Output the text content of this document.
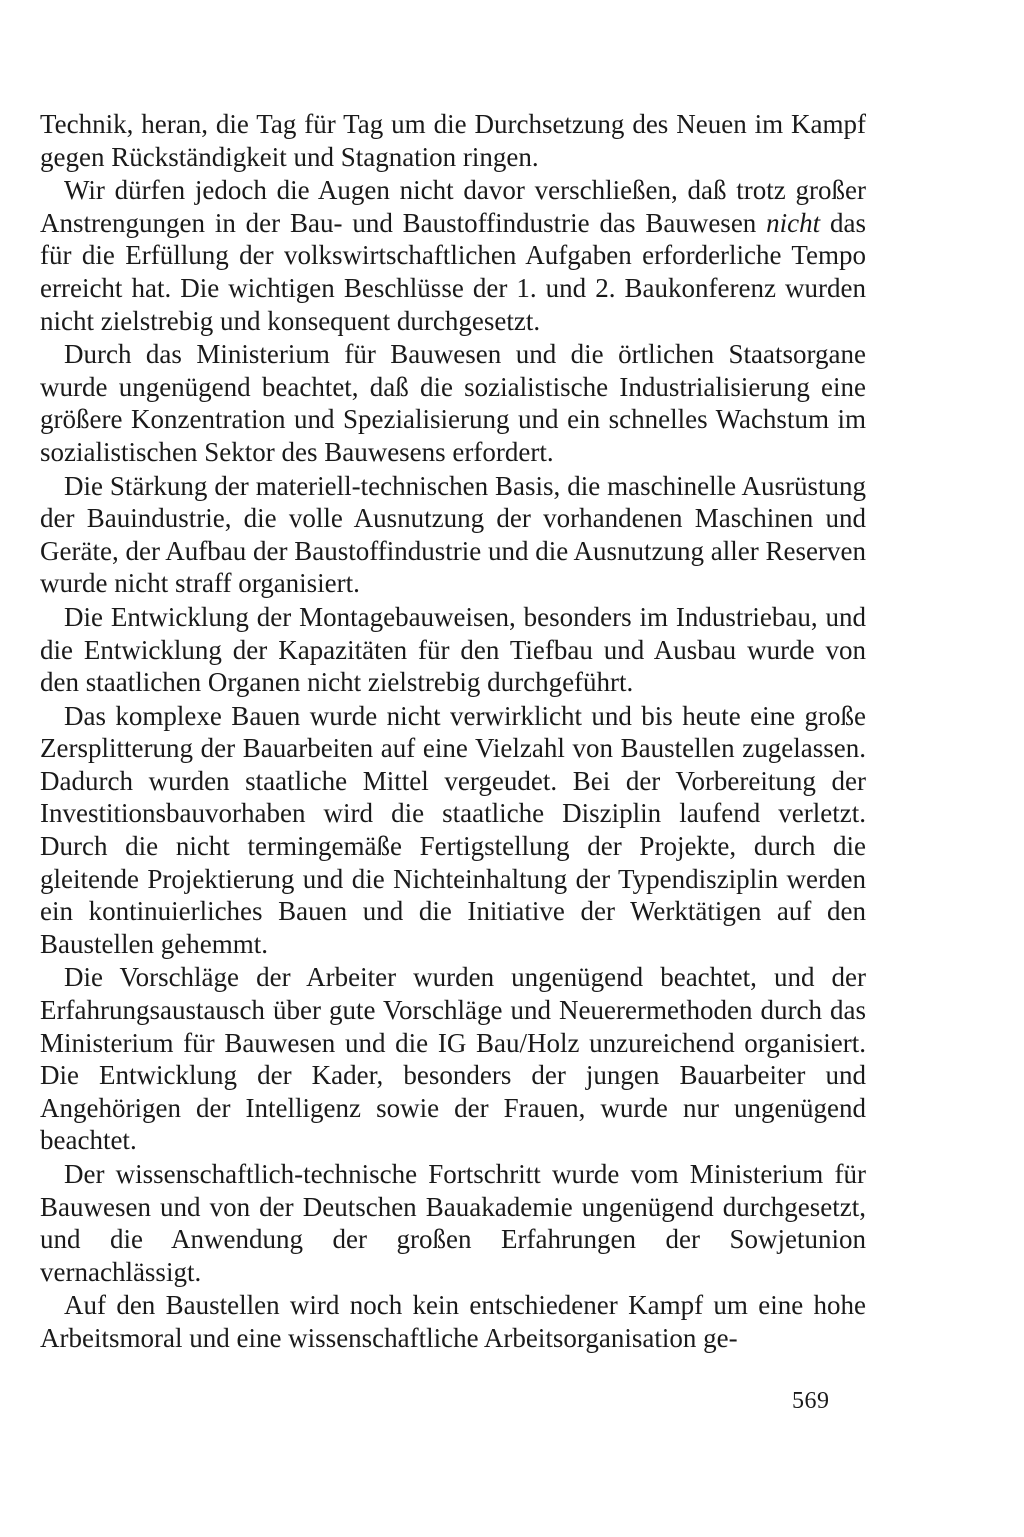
Technik, heran, die Tag für Tag um die Durchsetzung des Neuen im Kampf gegen Rückständigkeit und Stagnation ringen.

Wir dürfen jedoch die Augen nicht davor verschließen, daß trotz großer Anstrengungen in der Bau- und Baustoffindustrie das Bauwesen nicht das für die Erfüllung der volkswirtschaftlichen Aufgaben erforderliche Tempo erreicht hat. Die wichtigen Beschlüsse der 1. und 2. Baukonferenz wurden nicht zielstrebig und konsequent durchgesetzt.

Durch das Ministerium für Bauwesen und die örtlichen Staatsorgane wurde ungenügend beachtet, daß die sozialistische Industrialisierung eine größere Konzentration und Spezialisierung und ein schnelles Wachstum im sozialistischen Sektor des Bauwesens erfordert.

Die Stärkung der materiell-technischen Basis, die maschinelle Ausrüstung der Bauindustrie, die volle Ausnutzung der vorhandenen Maschinen und Geräte, der Aufbau der Baustoffindustrie und die Ausnutzung aller Reserven wurde nicht straff organisiert.

Die Entwicklung der Montagebauweisen, besonders im Industriebau, und die Entwicklung der Kapazitäten für den Tiefbau und Ausbau wurde von den staatlichen Organen nicht zielstrebig durchgeführt.

Das komplexe Bauen wurde nicht verwirklicht und bis heute eine große Zersplitterung der Bauarbeiten auf eine Vielzahl von Baustellen zugelassen. Dadurch wurden staatliche Mittel vergeudet. Bei der Vorbereitung der Investitionsbauvorhaben wird die staatliche Disziplin laufend verletzt. Durch die nicht termingemäße Fertigstellung der Projekte, durch die gleitende Projektierung und die Nichteinhaltung der Typendisziplin werden ein kontinuierliches Bauen und die Initiative der Werktätigen auf den Baustellen gehemmt.

Die Vorschläge der Arbeiter wurden ungenügend beachtet, und der Erfahrungsaustausch über gute Vorschläge und Neuerermethoden durch das Ministerium für Bauwesen und die IG Bau/Holz unzureichend organisiert. Die Entwicklung der Kader, besonders der jungen Bauarbeiter und Angehörigen der Intelligenz sowie der Frauen, wurde nur ungenügend beachtet.

Der wissenschaftlich-technische Fortschritt wurde vom Ministerium für Bauwesen und von der Deutschen Bauakademie ungenügend durchgesetzt, und die Anwendung der großen Erfahrungen der Sowjetunion vernachlässigt.

Auf den Baustellen wird noch kein entschiedener Kampf um eine hohe Arbeitsmoral und eine wissenschaftliche Arbeitsorganisation ge-

569
